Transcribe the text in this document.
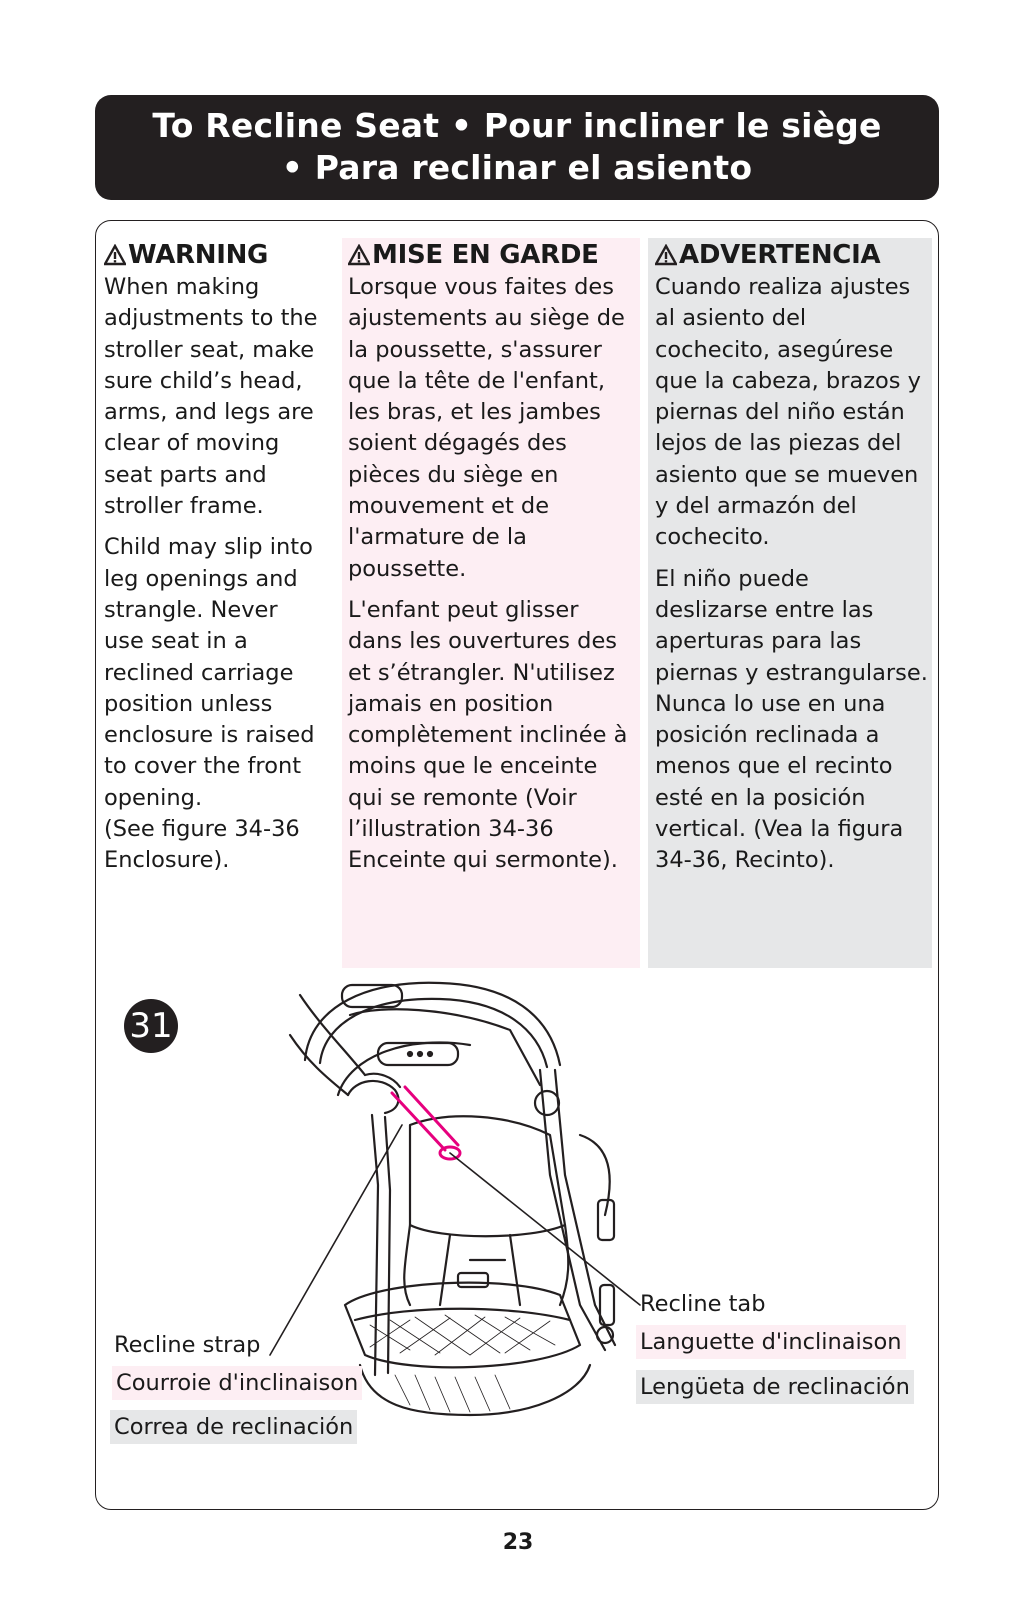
To Recline Seat • Pour incliner le siège
• Para reclinar el asiento
WARNING
When making
adjustments to the
stroller seat, make
sure child’s head,
arms, and legs are
clear of moving
seat parts and
stroller frame.
Child may slip into
leg openings and
strangle. Never
use seat in a
reclined carriage
position unless
enclosure is raised
to cover the front
opening.
(See figure 34-36
Enclosure).
MISE EN GARDE
Lorsque vous faites des
ajustements au siège de
la poussette, s'assurer
que la tête de l'enfant,
les bras, et les jambes
soient dégagés des
pièces du siège en
mouvement et de
l'armature de la
poussette.
L'enfant peut glisser
dans les ouvertures des
et s’étrangler. N'utilisez
jamais en position
complètement inclinée à
moins que le enceinte
qui se remonte (Voir
l’illustration 34-36
Enceinte qui sermonte).
ADVERTENCIA
Cuando realiza ajustes
al asiento del
cochecito, asegúrese
que la cabeza, brazos y
piernas del niño están
lejos de las piezas del
asiento que se mueven
y del armazón del
cochecito.
El niño puede
deslizarse entre las
aperturas para las
piernas y estrangularse.
Nunca lo use en una
posición reclinada a
menos que el recinto
esté en la posición
vertical. (Vea la figura
34-36, Recinto).
31
Recline strap
Courroie d'inclinaison
Correa de reclinación
Recline tab
Languette d'inclinaison
Lengüeta de reclinación
23
